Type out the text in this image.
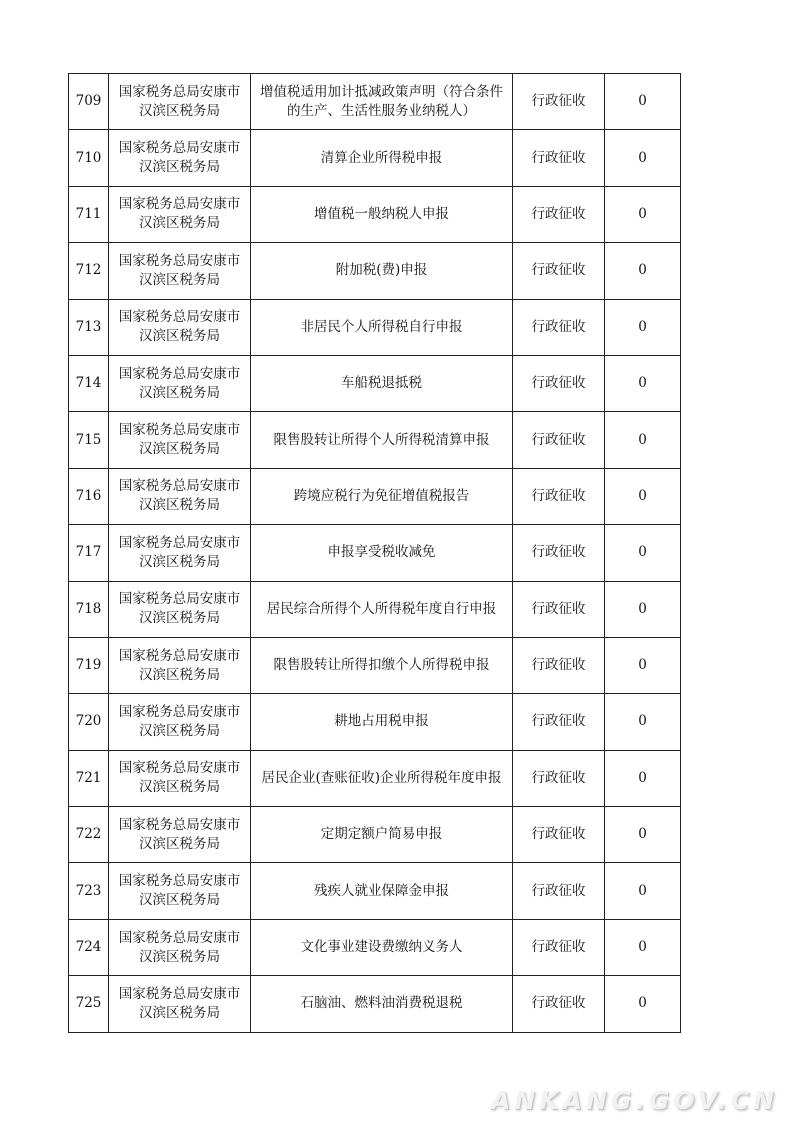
709	国家税务总局安康市汉滨区税务局	增值税适用加计抵减政策声明（符合条件的生产、生活性服务业纳税人）	行政征收	0
710	国家税务总局安康市汉滨区税务局	清算企业所得税申报	行政征收	0
711	国家税务总局安康市汉滨区税务局	增值税一般纳税人申报	行政征收	0
712	国家税务总局安康市汉滨区税务局	附加税(费)申报	行政征收	0
713	国家税务总局安康市汉滨区税务局	非居民个人所得税自行申报	行政征收	0
714	国家税务总局安康市汉滨区税务局	车船税退抵税	行政征收	0
715	国家税务总局安康市汉滨区税务局	限售股转让所得个人所得税清算申报	行政征收	0
716	国家税务总局安康市汉滨区税务局	跨境应税行为免征增值税报告	行政征收	0
717	国家税务总局安康市汉滨区税务局	申报享受税收减免	行政征收	0
718	国家税务总局安康市汉滨区税务局	居民综合所得个人所得税年度自行申报	行政征收	0
719	国家税务总局安康市汉滨区税务局	限售股转让所得扣缴个人所得税申报	行政征收	0
720	国家税务总局安康市汉滨区税务局	耕地占用税申报	行政征收	0
721	国家税务总局安康市汉滨区税务局	居民企业(查账征收)企业所得税年度申报	行政征收	0
722	国家税务总局安康市汉滨区税务局	定期定额户简易申报	行政征收	0
723	国家税务总局安康市汉滨区税务局	残疾人就业保障金申报	行政征收	0
724	国家税务总局安康市汉滨区税务局	文化事业建设费缴纳义务人	行政征收	0
725	国家税务总局安康市汉滨区税务局	石脑油、燃料油消费税退税	行政征收	0
ANKANG.GOV.CN
